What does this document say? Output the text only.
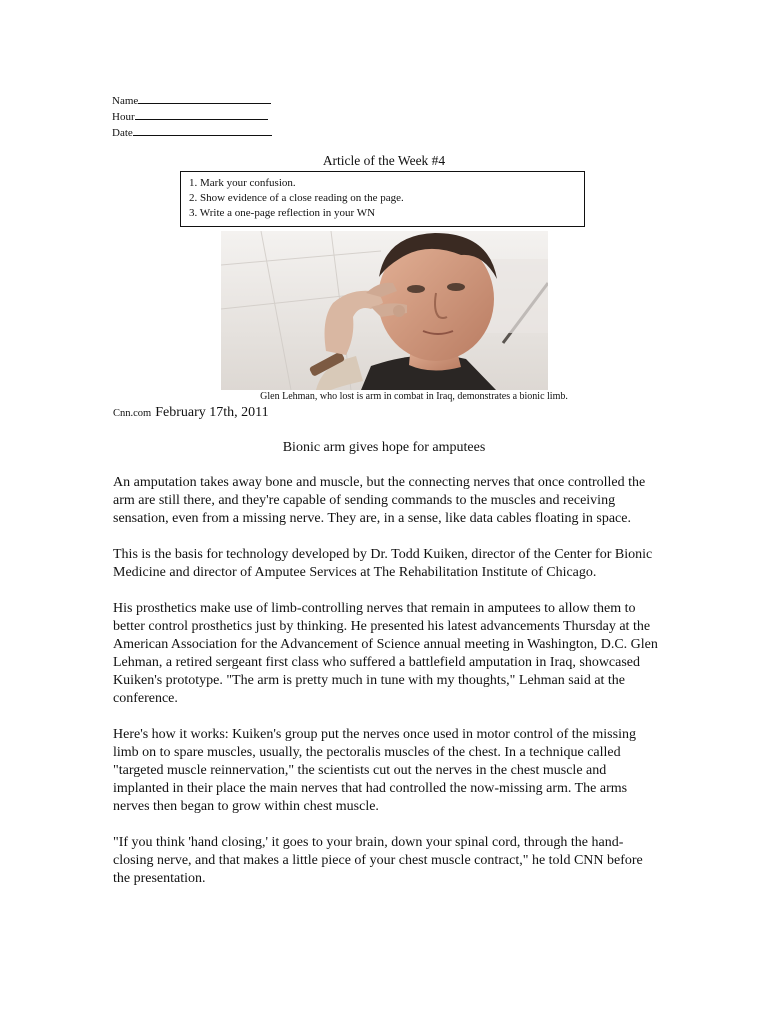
Name
Hour
Date
Article of the Week #4
1. Mark your confusion.
2. Show evidence of a close reading on the page.
3. Write a one-page reflection in your WN
Glen Lehman, who lost is arm in combat in Iraq, demonstrates a bionic limb.
Cnn.com February 17th, 2011
Bionic arm gives hope for amputees

An amputation takes away bone and muscle, but the connecting nerves that once controlled the arm are still there, and they're capable of sending commands to the muscles and receiving sensation, even from a missing nerve. They are, in a sense, like data cables floating in space.

This is the basis for technology developed by Dr. Todd Kuiken, director of the Center for Bionic Medicine and director of Amputee Services at The Rehabilitation Institute of Chicago.

His prosthetics make use of limb-controlling nerves that remain in amputees to allow them to better control prosthetics just by thinking. He presented his latest advancements Thursday at the American Association for the Advancement of Science annual meeting in Washington, D.C. Glen Lehman, a retired sergeant first class who suffered a battlefield amputation in Iraq, showcased Kuiken's prototype. "The arm is pretty much in tune with my thoughts," Lehman said at the conference.

Here's how it works: Kuiken's group put the nerves once used in motor control of the missing limb on to spare muscles, usually, the pectoralis muscles of the chest. In a technique called "targeted muscle reinnervation," the scientists cut out the nerves in the chest muscle and implanted in their place the main nerves that had controlled the now-missing arm. The arms nerves then began to grow within chest muscle.

"If you think 'hand closing,' it goes to your brain, down your spinal cord, through the hand-closing nerve, and that makes a little piece of your chest muscle contract," he told CNN before the presentation.
